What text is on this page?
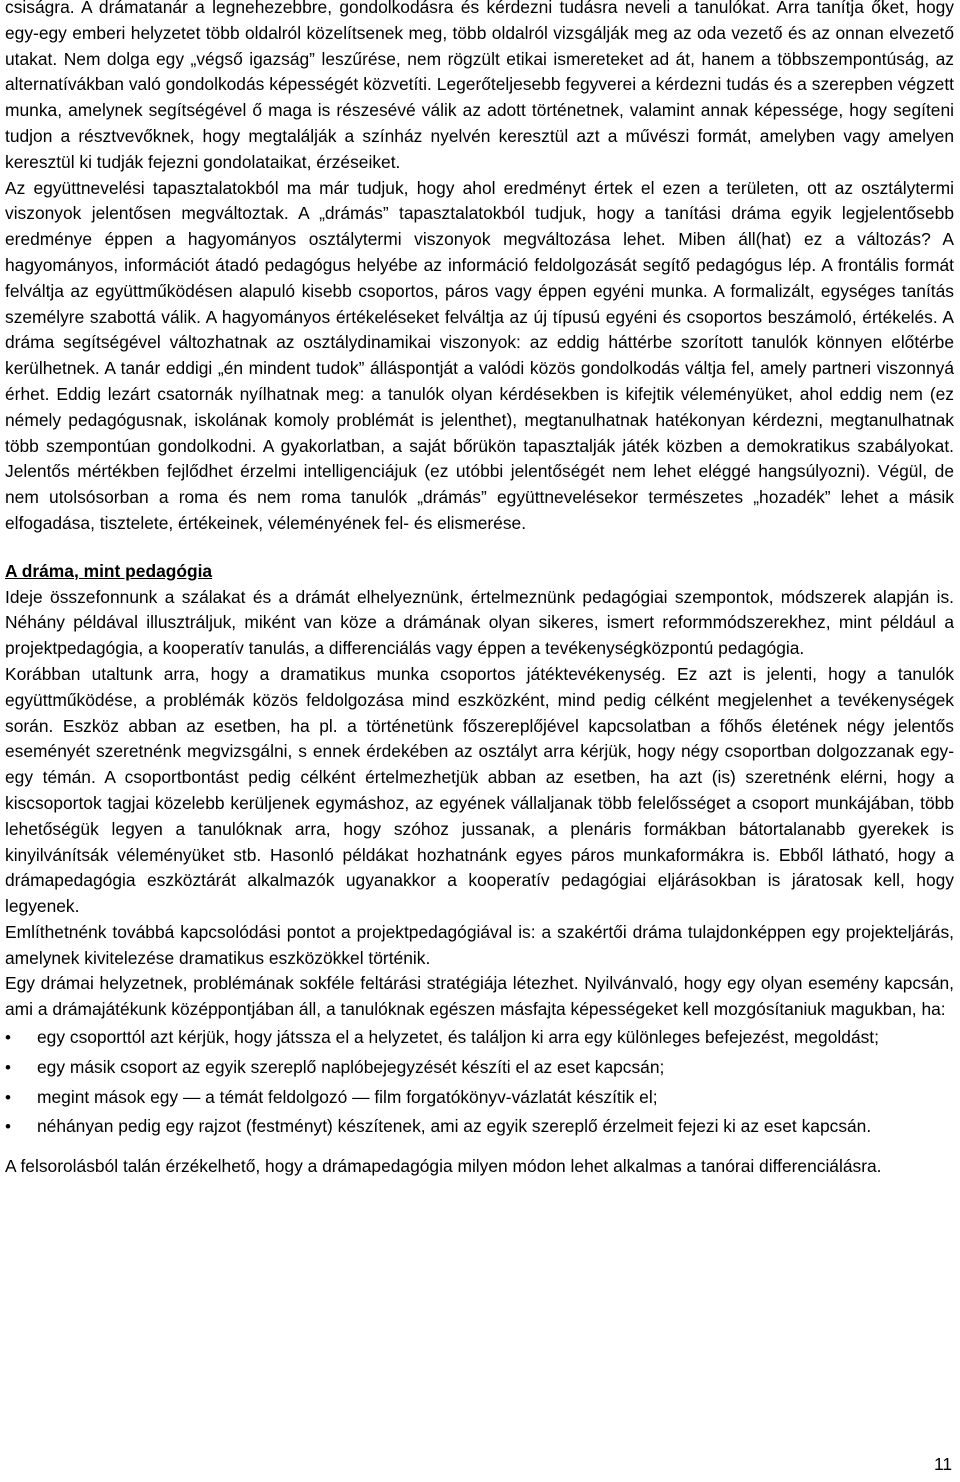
csiságra. A drámatanár a legnehezebbre, gondolkodásra és kérdezni tudásra neveli a tanulókat. Arra tanítja őket, hogy egy-egy emberi helyzetet több oldalról közelítsenek meg, több oldalról vizsgálják meg az oda vezető és az onnan elvezető utakat. Nem dolga egy „végső igazság” leszűrése, nem rögzült etikai ismereteket ad át, hanem a többszempontúság, az alternatívákban való gondolkodás képességét közvetíti. Legerőteljesebb fegyverei a kérdezni tudás és a szerepben végzett munka, amelynek segítségével ő maga is részesévé válik az adott történetnek, valamint annak képessége, hogy segíteni tudjon a résztvevőknek, hogy megtalálják a színház nyelvén keresztül azt a művészi formát, amelyben vagy amelyen keresztül ki tudják fejezni gondolataikat, érzéseiket.

Az együttnevelési tapasztalatokból ma már tudjuk, hogy ahol eredményt értek el ezen a területen, ott az osztálytermi viszonyok jelentősen megváltoztak. A „drámás” tapasztalatokból tudjuk, hogy a tanítási dráma egyik legjelentősebb eredménye éppen a hagyományos osztálytermi viszonyok megváltozása lehet. Miben áll(hat) ez a változás? A hagyományos, információt átadó pedagógus helyébe az információ feldolgozását segítő pedagógus lép. A frontális formát felváltja az együttműködésen alapuló kisebb csoportos, páros vagy éppen egyéni munka. A formalizált, egységes tanítás személyre szabottá válik. A hagyományos értékeléseket felváltja az új típusú egyéni és csoportos beszámoló, értékelés. A dráma segítségével változhatnak az osztálydinamikai viszonyok: az eddig háttérbe szorított tanulók könnyen előtérbe kerülhetnek. A tanár eddigi „én mindent tudok” álláspontját a valódi közös gondolkodás váltja fel, amely partneri viszonnyá érhet. Eddig lezárt csatornák nyílhatnak meg: a tanulók olyan kérdésekben is kifejtik véleményüket, ahol eddig nem (ez némely pedagógusnak, iskolának komoly problémát is jelenthet), megtanulhatnak hatékonyan kérdezni, megtanulhatnak több szempontúan gondolkodni. A gyakorlatban, a saját bőrükön tapasztalják játék közben a demokratikus szabályokat. Jelentős mértékben fejlődhet érzelmi intelligenciájuk (ez utóbbi jelentőségét nem lehet eléggé hangsúlyozni). Végül, de nem utolsósorban a roma és nem roma tanulók „drámás” együttnevelésekor természetes „hozadék” lehet a másik elfogadása, tisztelete, értékeinek, véleményének fel- és elismerése.

A dráma, mint pedagógia

Ideje összefonnunk a szálakat és a drámát elhelyeznünk, értelmeznünk pedagógiai szempontok, módszerek alapján is. Néhány példával illusztráljuk, miként van köze a drámának olyan sikeres, ismert reformmódszerekhez, mint például a projektpedagógia, a kooperatív tanulás, a differenciálás vagy éppen a tevékenységközpontú pedagógia.

Korábban utaltunk arra, hogy a dramatikus munka csoportos játéktevékenység. Ez azt is jelenti, hogy a tanulók együttműködése, a problémák közös feldolgozása mind eszközként, mind pedig célként megjelenhet a tevékenységek során. Eszköz abban az esetben, ha pl. a történetünk főszereplőjével kapcsolatban a főhős életének négy jelentős eseményét szeretnénk megvizsgálni, s ennek érdekében az osztályt arra kérjük, hogy négy csoportban dolgozzanak egy-egy témán. A csoportbontást pedig célként értelmezhetjük abban az esetben, ha azt (is) szeretnénk elérni, hogy a kiscsoportok tagjai közelebb kerüljenek egymáshoz, az egyének vállaljanak több felelősséget a csoport munkájában, több lehetőségük legyen a tanulóknak arra, hogy szóhoz jussanak, a plenáris formákban bátortalanabb gyerekek is kinyilvánítsák véleményüket stb. Hasonló példákat hozhatnánk egyes páros munkaformákra is. Ebből látható, hogy a drámapedagógia eszköztárát alkalmazók ugyanakkor a kooperatív pedagógiai eljárásokban is járatosak kell, hogy legyenek.

Említhetnénk továbbá kapcsolódási pontot a projektpedagógiával is: a szakértői dráma tulajdonképpen egy projekteljárás, amelynek kivitelezése dramatikus eszközökkel történik.

Egy drámai helyzetnek, problémának sokféle feltárási stratégiája létezhet. Nyilvánvaló, hogy egy olyan esemény kapcsán, ami a drámajátékunk középpontjában áll, a tanulóknak egészen másfajta képességeket kell mozgósítaniuk magukban, ha:

•	egy csoporttól azt kérjük, hogy játssza el a helyzetet, és találjon ki arra egy különleges befejezést, megoldást;
•	egy másik csoport az egyik szereplő naplóbejegyzését készíti el az eset kapcsán;
•	megint mások egy — a témát feldolgozó — film forgatókönyv-vázlatát készítik el;
•	néhányan pedig egy rajzot (festményt) készítenek, ami az egyik szereplő érzelmeit fejezi ki az eset kapcsán.

A felsorolásból talán érzékelhető, hogy a drámapedagógia milyen módon lehet alkalmas a tanórai differenciálásra.

11
